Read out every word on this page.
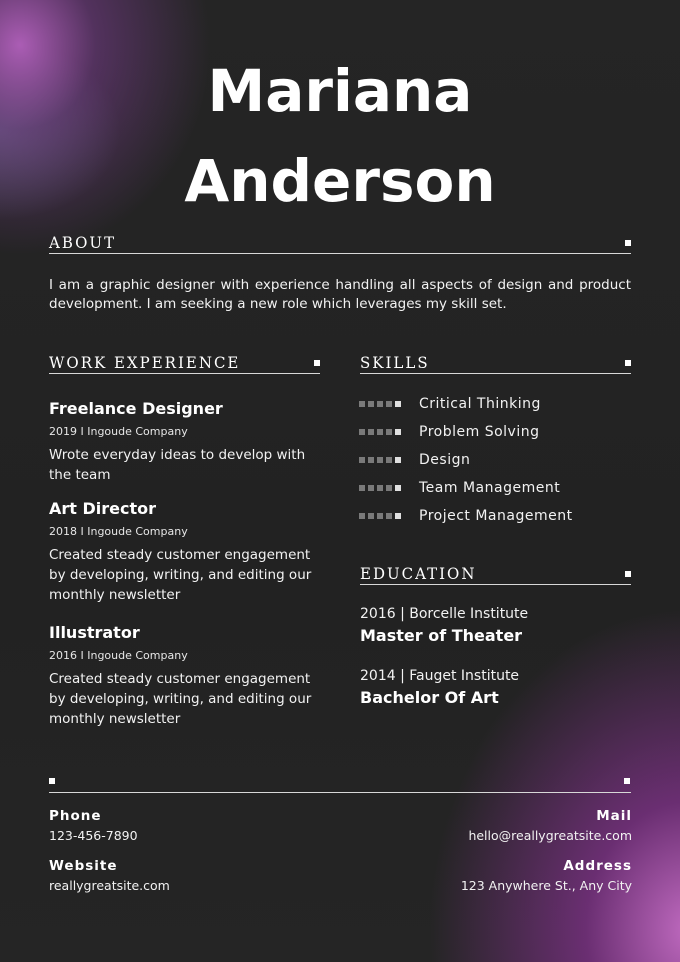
Mariana
Anderson
ABOUT
I am a graphic designer with experience handling all aspects of design and product development. I am seeking a new role which leverages my skill set.
WORK EXPERIENCE
Freelance Designer
2019 I Ingoude Company
Wrote everyday ideas to develop with the team
Art Director
2018 I Ingoude Company
Created steady customer engagement by developing, writing, and editing our monthly newsletter
Illustrator
2016 I Ingoude Company
Created steady customer engagement by developing, writing, and editing our monthly newsletter
SKILLS
Critical Thinking
Problem Solving
Design
Team Management
Project Management
EDUCATION
2016 | Borcelle Institute
Master of Theater
2014 | Fauget Institute
Bachelor Of Art
Phone
123-456-7890
Website
reallygreatsite.com
Mail
hello@reallygreatsite.com
Address
123 Anywhere St., Any City
